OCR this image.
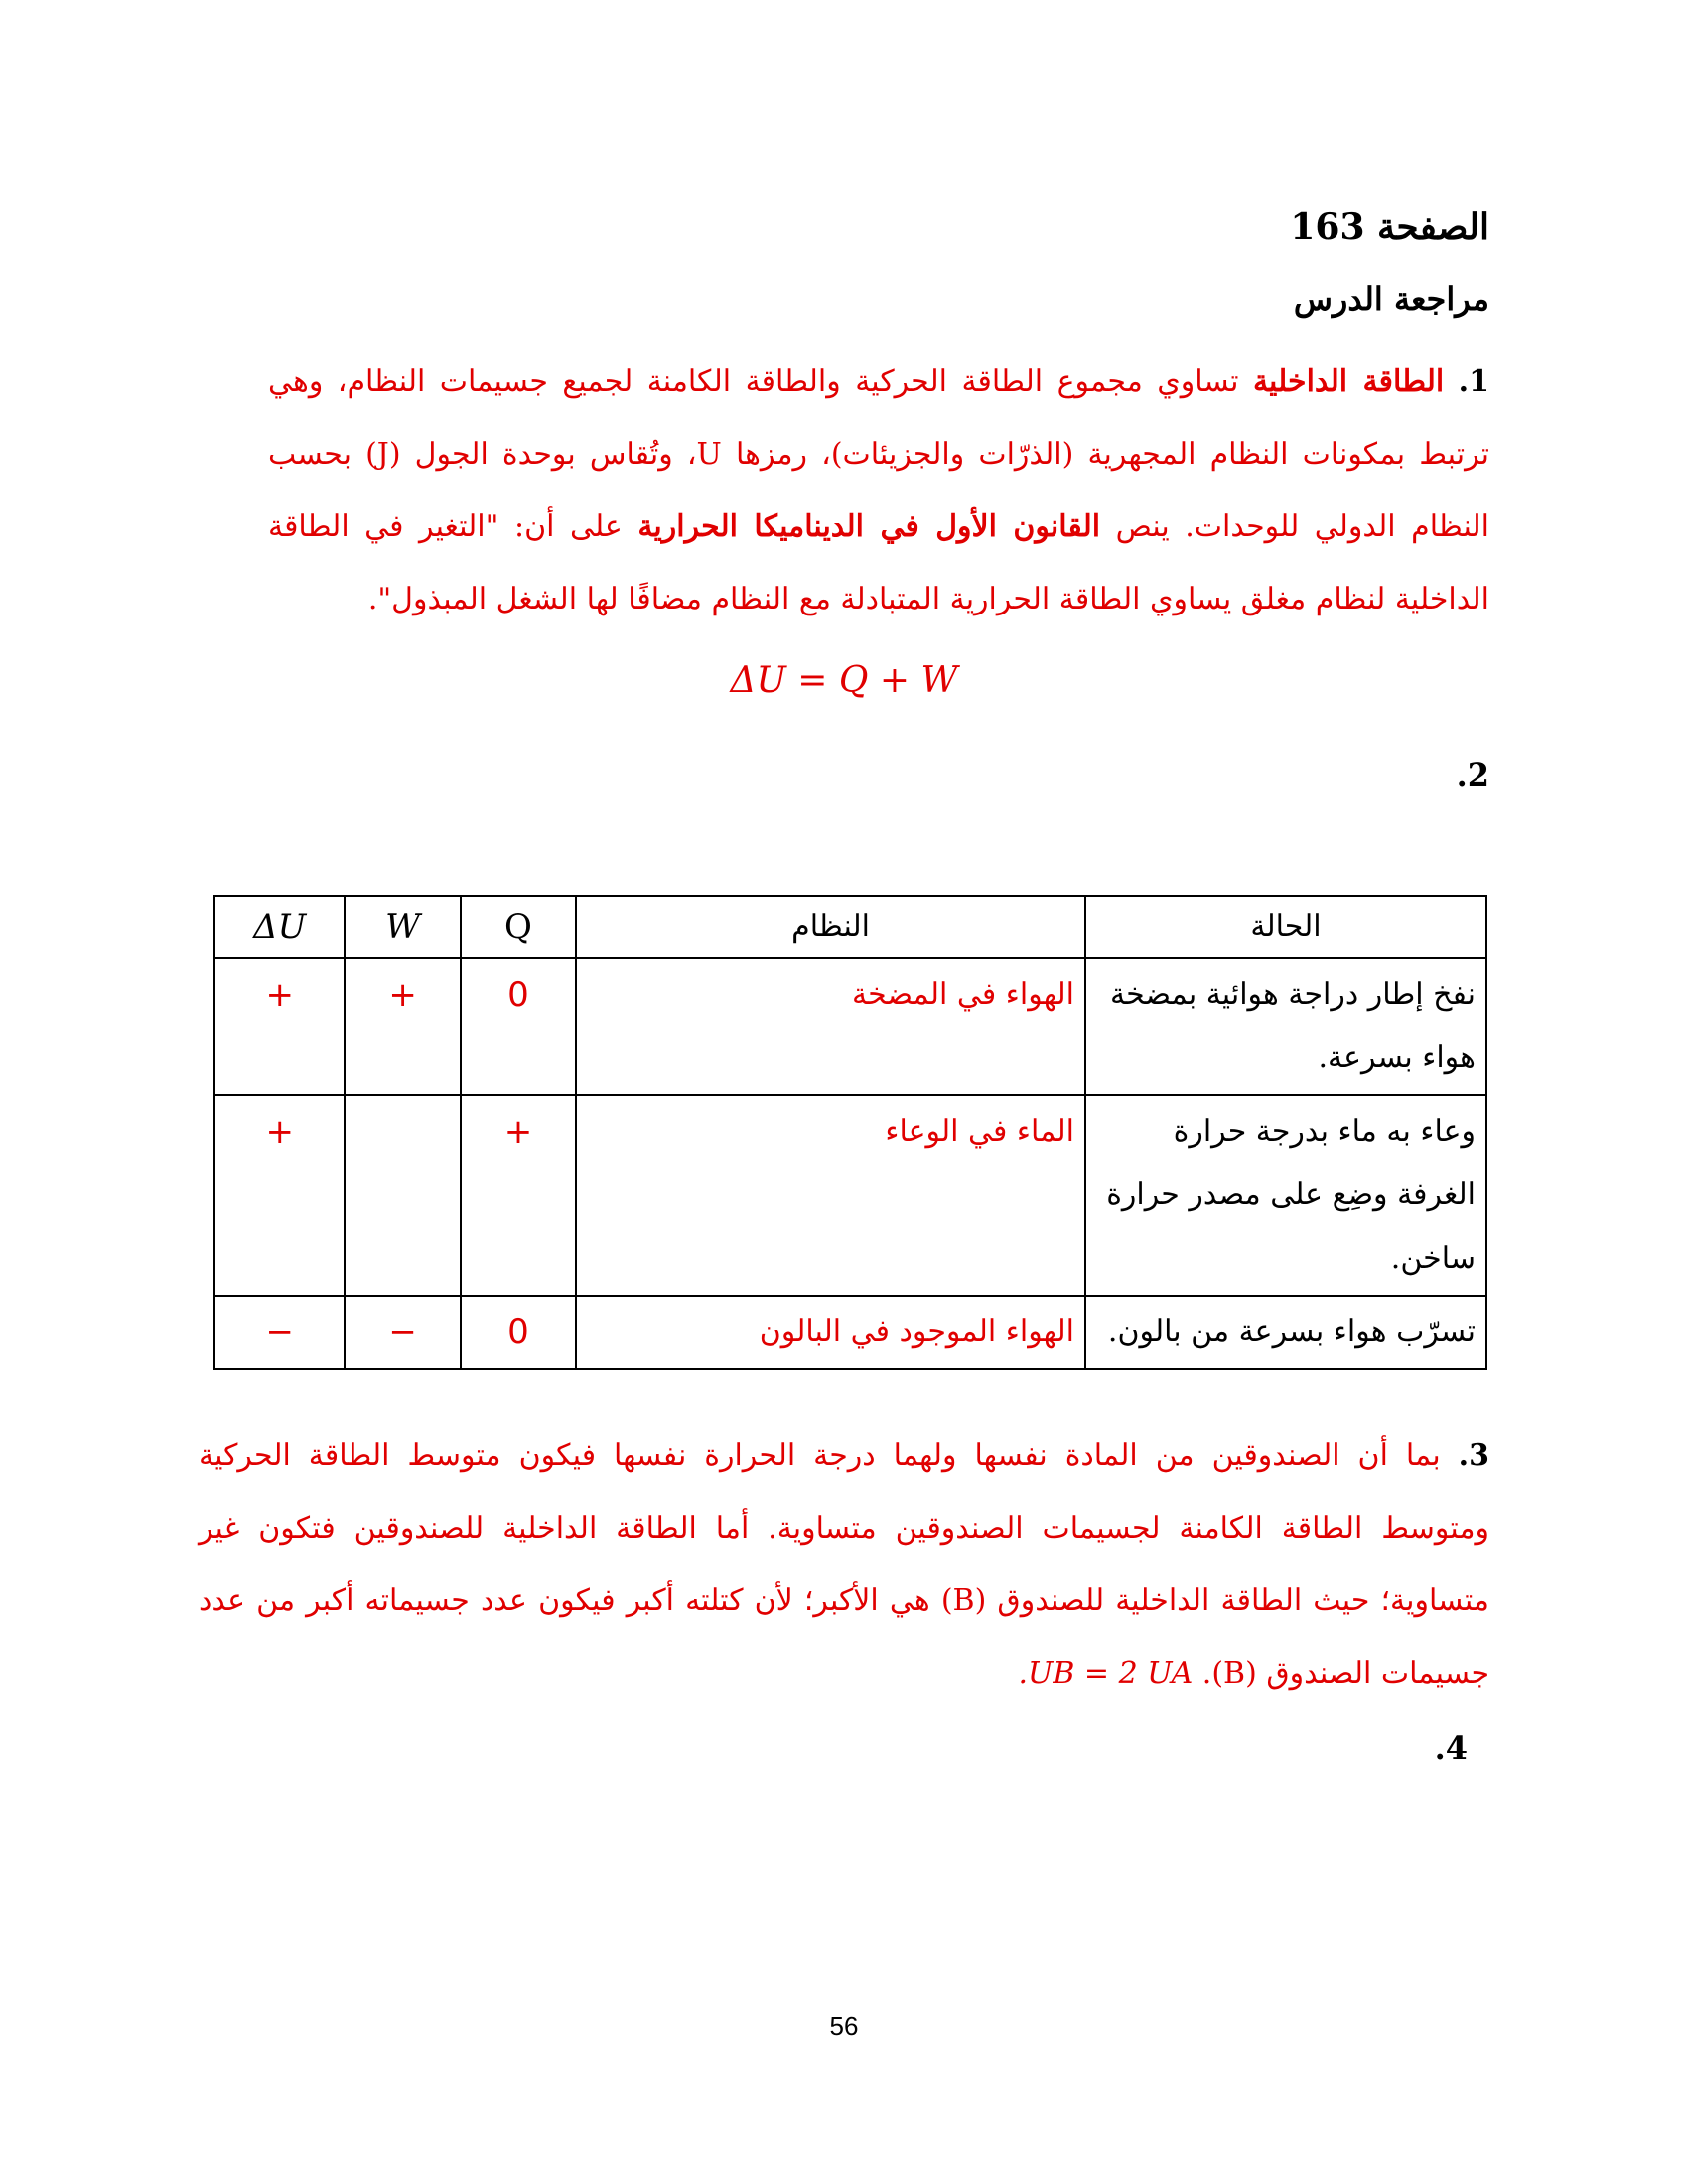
الصفحة 163
مراجعة الدرس
1. الطاقة الداخلية تساوي مجموع الطاقة الحركية والطاقة الكامنة لجميع جسيمات النظام، وهي ترتبط بمكونات النظام المجهرية (الذرّات والجزيئات)، رمزها U، وتُقاس بوحدة الجول (J) بحسب النظام الدولي للوحدات. ينص القانون الأول في الديناميكا الحرارية على أن: "التغير في الطاقة الداخلية لنظام مغلق يساوي الطاقة الحرارية المتبادلة مع النظام مضافًا لها الشغل المبذول".
ΔU = Q + W
.2
الحالة	النظام	Q	W	ΔU
نفخ إطار دراجة هوائية بمضخة هواء بسرعة.	الهواء في المضخة	0	+	+
وعاء به ماء بدرجة حرارة الغرفة وضِع على مصدر حرارة ساخن.	الماء في الوعاء	+		+
تسرّب هواء بسرعة من بالون.	الهواء الموجود في البالون	0	−	−
3. بما أن الصندوقين من المادة نفسها ولهما درجة الحرارة نفسها فيكون متوسط الطاقة الحركية ومتوسط الطاقة الكامنة لجسيمات الصندوقين متساوية. أما الطاقة الداخلية للصندوقين فتكون غير متساوية؛ حيث الطاقة الداخلية للصندوق (B) هي الأكبر؛ لأن كتلته أكبر فيكون عدد جسيماته أكبر من عدد جسيمات الصندوق (B). UB = 2 UA.
.4
56
